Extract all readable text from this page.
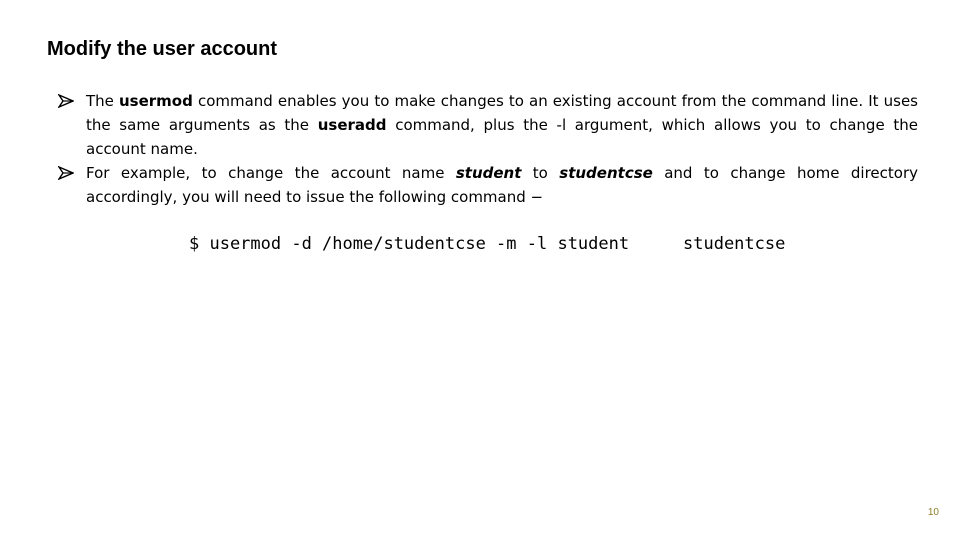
Modify the user account
The usermod command enables you to make changes to an existing account from the command line. It uses the same arguments as the useradd command, plus the -l argument, which allows you to change the account name.
For example, to change the account name student to studentcse and to change home directory accordingly, you will need to issue the following command −
$ usermod -d /home/studentcse -m -l student	studentcse
10
